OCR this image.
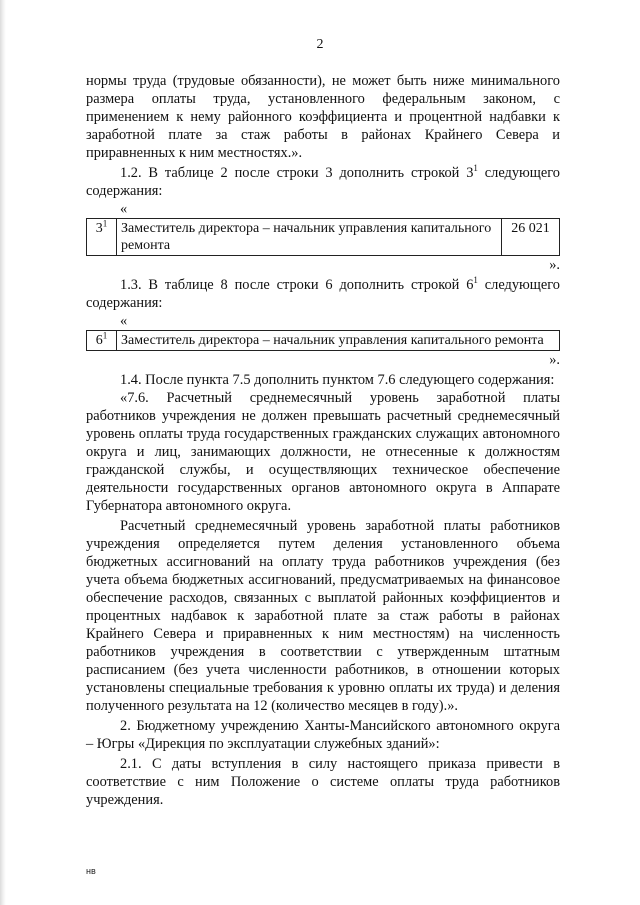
2

нормы труда (трудовые обязанности), не может быть ниже минимального размера оплаты труда, установленного федеральным законом, с применением к нему районного коэффициента и процентной надбавки к заработной плате за стаж работы в районах Крайнего Севера и приравненных к ним местностях.».

1.2. В таблице 2 после строки 3 дополнить строкой $3^1$ следующего содержания:

«
$3^1$	Заместитель директора – начальник управления капитального ремонта	26 021
».

1.3. В таблице 8 после строки 6 дополнить строкой $6^1$ следующего содержания:

«
$6^1$	Заместитель директора – начальник управления капитального ремонта
».

1.4. После пункта 7.5 дополнить пунктом 7.6 следующего содержания:

«7.6. Расчетный среднемесячный уровень заработной платы работников учреждения не должен превышать расчетный среднемесячный уровень оплаты труда государственных гражданских служащих автономного округа и лиц, занимающих должности, не отнесенные к должностям гражданской службы, и осуществляющих техническое обеспечение деятельности государственных органов автономного округа в Аппарате Губернатора автономного округа.

Расчетный среднемесячный уровень заработной платы работников учреждения определяется путем деления установленного объема бюджетных ассигнований на оплату труда работников учреждения (без учета объема бюджетных ассигнований, предусматриваемых на финансовое обеспечение расходов, связанных с выплатой районных коэффициентов и процентных надбавок к заработной плате за стаж работы в районах Крайнего Севера и приравненных к ним местностям) на численность работников учреждения в соответствии с утвержденным штатным расписанием (без учета численности работников, в отношении которых установлены специальные требования к уровню оплаты их труда) и деления полученного результата на 12 (количество месяцев в году).».

2. Бюджетному учреждению Ханты-Мансийского автономного округа – Югры «Дирекция по эксплуатации служебных зданий»:

2.1. С даты вступления в силу настоящего приказа привести в соответствие с ним Положение о системе оплаты труда работников учреждения.

нв
